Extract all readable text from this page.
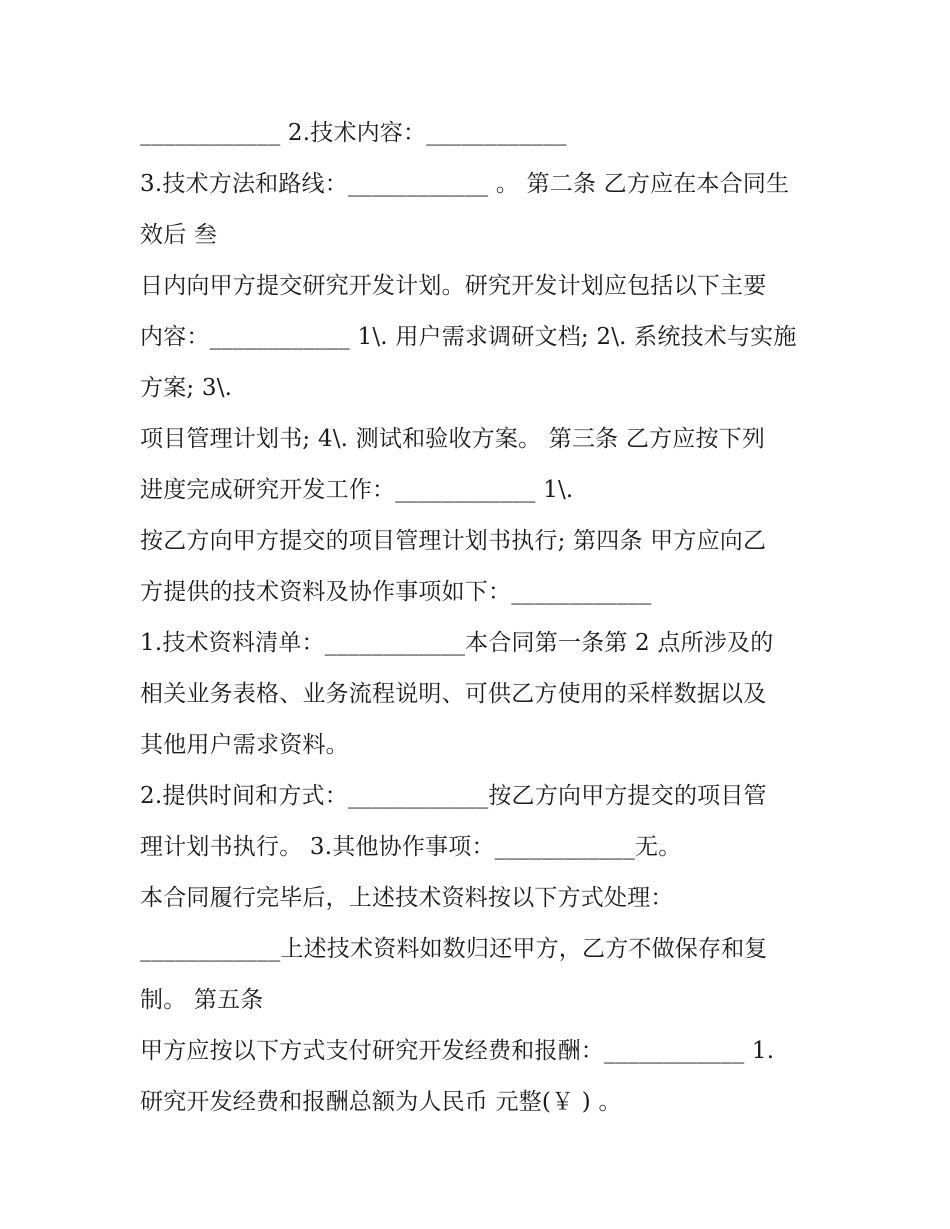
____________ 2.技术内容：____________
3.技术方法和路线：____________ 。 第二条 乙方应在本合同生
效后 叁
日内向甲方提交研究开发计划。研究开发计划应包括以下主要
内容：____________ 1\. 用户需求调研文档; 2\. 系统技术与实施
方案; 3\.
项目管理计划书; 4\. 测试和验收方案。 第三条 乙方应按下列
进度完成研究开发工作：____________ 1\.
按乙方向甲方提交的项目管理计划书执行; 第四条 甲方应向乙
方提供的技术资料及协作事项如下：____________
1.技术资料清单：____________本合同第一条第 2 点所涉及的
相关业务表格、业务流程说明、可供乙方使用的采样数据以及
其他用户需求资料。
2.提供时间和方式：____________按乙方向甲方提交的项目管
理计划书执行。 3.其他协作事项：____________无。
本合同履行完毕后，上述技术资料按以下方式处理：
____________上述技术资料如数归还甲方，乙方不做保存和复
制。 第五条
甲方应按以下方式支付研究开发经费和报酬：____________ 1.
研究开发经费和报酬总额为人民币 元整(￥ ) 。
